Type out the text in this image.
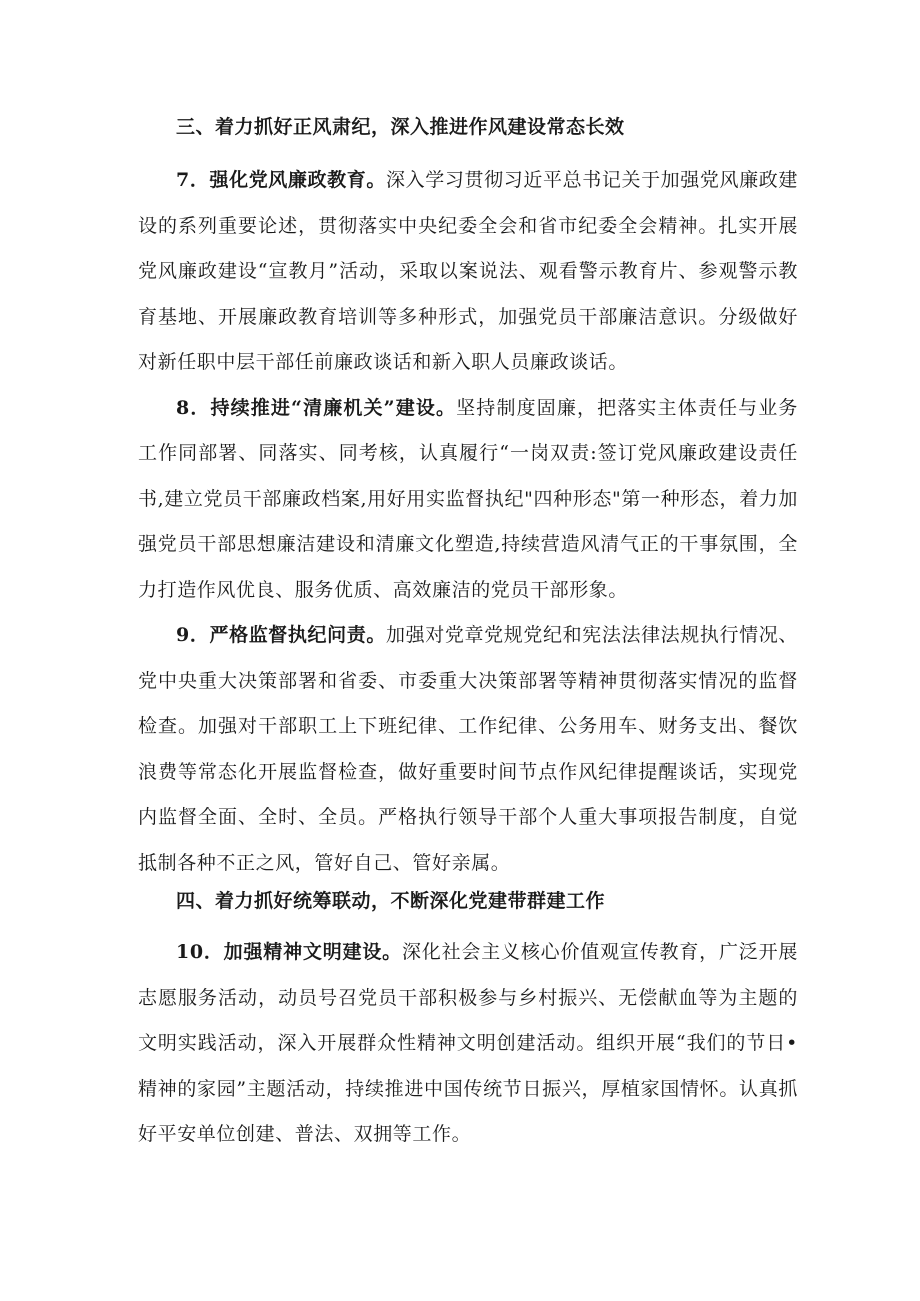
三、着力抓好正风肃纪，深入推进作风建设常态长效

7．强化党风廉政教育。深入学习贯彻习近平总书记关于加强党风廉政建设的系列重要论述，贯彻落实中央纪委全会和省市纪委全会精神。扎实开展党风廉政建设“宣教月”活动，采取以案说法、观看警示教育片、参观警示教育基地、开展廉政教育培训等多种形式，加强党员干部廉洁意识。分级做好对新任职中层干部任前廉政谈话和新入职人员廉政谈话。

8．持续推进“清廉机关”建设。坚持制度固廉，把落实主体责任与业务工作同部署、同落实、同考核，认真履行“一岗双责:签订党风廉政建设责任书,建立党员干部廉政档案,用好用实监督执纪"四种形态"第一种形态，着力加强党员干部思想廉洁建设和清廉文化塑造,持续营造风清气正的干事氛围，全力打造作风优良、服务优质、高效廉洁的党员干部形象。

9．严格监督执纪问责。加强对党章党规党纪和宪法法律法规执行情况、党中央重大决策部署和省委、市委重大决策部署等精神贯彻落实情况的监督检查。加强对干部职工上下班纪律、工作纪律、公务用车、财务支出、餐饮浪费等常态化开展监督检查，做好重要时间节点作风纪律提醒谈话，实现党内监督全面、全时、全员。严格执行领导干部个人重大事项报告制度，自觉抵制各种不正之风，管好自己、管好亲属。

四、着力抓好统筹联动，不断深化党建带群建工作

10．加强精神文明建设。深化社会主义核心价值观宣传教育，广泛开展志愿服务活动，动员号召党员干部积极参与乡村振兴、无偿献血等为主题的文明实践活动，深入开展群众性精神文明创建活动。组织开展“我们的节日•精神的家园”主题活动，持续推进中国传统节日振兴，厚植家国情怀。认真抓好平安单位创建、普法、双拥等工作。
